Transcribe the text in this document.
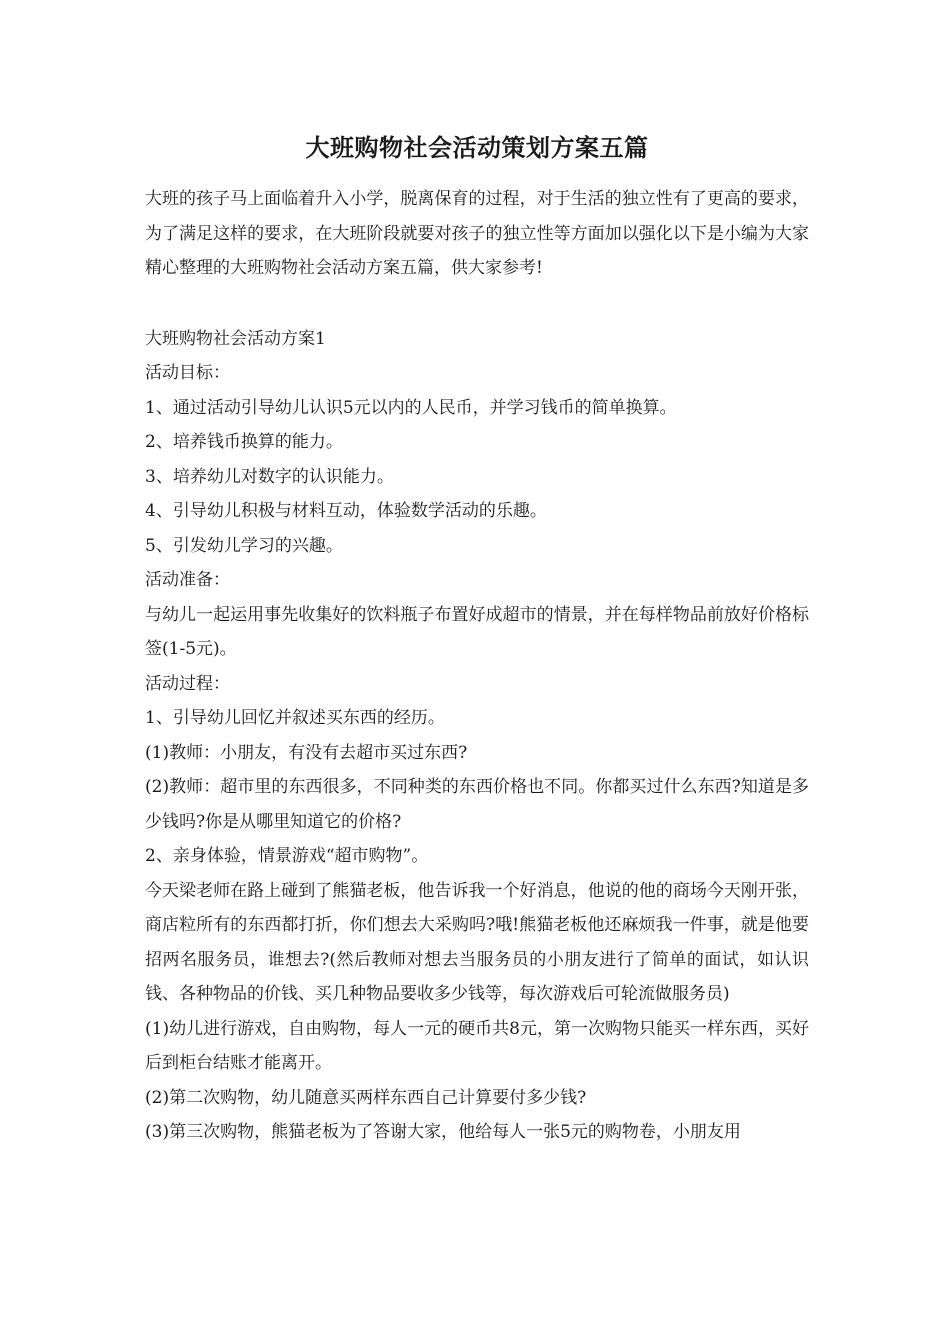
大班购物社会活动策划方案五篇

大班的孩子马上面临着升入小学，脱离保育的过程，对于生活的独立性有了更高的要求，为了满足这样的要求，在大班阶段就要对孩子的独立性等方面加以强化以下是小编为大家精心整理的大班购物社会活动方案五篇，供大家参考!

大班购物社会活动方案1

活动目标：

1、通过活动引导幼儿认识5元以内的人民币，并学习钱币的简单换算。

2、培养钱币换算的能力。

3、培养幼儿对数字的认识能力。

4、引导幼儿积极与材料互动，体验数学活动的乐趣。

5、引发幼儿学习的兴趣。

活动准备：

与幼儿一起运用事先收集好的饮料瓶子布置好成超市的情景，并在每样物品前放好价格标签(1-5元)。

活动过程：

1、引导幼儿回忆并叙述买东西的经历。

(1)教师：小朋友，有没有去超市买过东西?

(2)教师：超市里的东西很多，不同种类的东西价格也不同。你都买过什么东西?知道是多少钱吗?你是从哪里知道它的价格?

2、亲身体验，情景游戏“超市购物”。

今天梁老师在路上碰到了熊猫老板，他告诉我一个好消息，他说的他的商场今天刚开张，商店粒所有的东西都打折，你们想去大采购吗?哦!熊猫老板他还麻烦我一件事，就是他要招两名服务员，谁想去?(然后教师对想去当服务员的小朋友进行了简单的面试，如认识钱、各种物品的价钱、买几种物品要收多少钱等，每次游戏后可轮流做服务员)

(1)幼儿进行游戏，自由购物，每人一元的硬币共8元，第一次购物只能买一样东西，买好后到柜台结账才能离开。

(2)第二次购物，幼儿随意买两样东西自己计算要付多少钱?

(3)第三次购物，熊猫老板为了答谢大家，他给每人一张5元的购物卷，小朋友用
